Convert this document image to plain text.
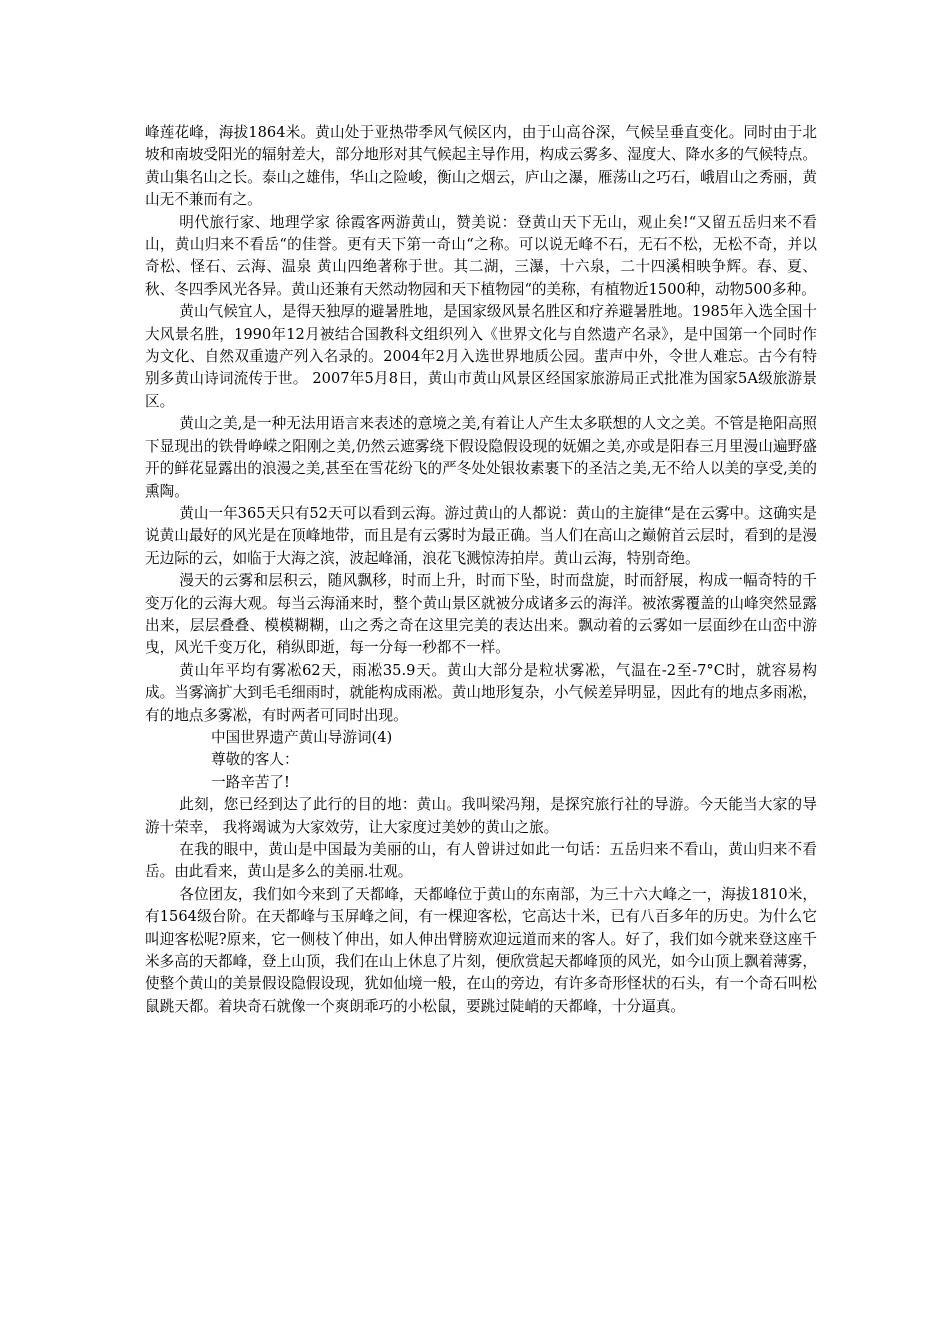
峰莲花峰，海拔1864米。黄山处于亚热带季风气候区内，由于山高谷深，气候呈垂直变化。同时由于北坡和南坡受阳光的辐射差大，部分地形对其气候起主导作用，构成云雾多、湿度大、降水多的气候特点。黄山集名山之长。泰山之雄伟，华山之险峻，衡山之烟云，庐山之瀑，雁荡山之巧石，峨眉山之秀丽，黄山无不兼而有之。

明代旅行家、地理学家 徐霞客两游黄山，赞美说：登黄山天下无山，观止矣!“又留五岳归来不看山，黄山归来不看岳“的佳誉。更有天下第一奇山“之称。可以说无峰不石，无石不松，无松不奇，并以 奇松、怪石、云海、温泉 黄山四绝著称于世。其二湖，三瀑，十六泉，二十四溪相映争辉。春、夏、秋、冬四季风光各异。黄山还兼有天然动物园和天下植物园“的美称，有植物近1500种，动物500多种。

黄山气候宜人，是得天独厚的避暑胜地，是国家级风景名胜区和疗养避暑胜地。1985年入选全国十大风景名胜，1990年12月被结合国教科文组织列入《世界文化与自然遗产名录》，是中国第一个同时作为文化、自然双重遗产列入名录的。2004年2月入选世界地质公园。蜚声中外，令世人难忘。古今有特别多黄山诗词流传于世。 2007年5月8日，黄山市黄山风景区经国家旅游局正式批准为国家5A级旅游景区。

黄山之美,是一种无法用语言来表述的意境之美,有着让人产生太多联想的人文之美。不管是艳阳高照下显现出的铁骨峥嵘之阳刚之美,仍然云遮雾绕下假设隐假设现的妩媚之美,亦或是阳春三月里漫山遍野盛开的鲜花显露出的浪漫之美,甚至在雪花纷飞的严冬处处银妆素裹下的圣洁之美,无不给人以美的享受,美的熏陶。

黄山一年365天只有52天可以看到云海。游过黄山的人都说：黄山的主旋律“是在云雾中。这确实是说黄山最好的风光是在顶峰地带，而且是有云雾时为最正确。当人们在高山之巅俯首云层时，看到的是漫无边际的云，如临于大海之滨，波起峰涌，浪花飞溅惊涛拍岸。黄山云海，特别奇绝。

漫天的云雾和层积云，随风飘移，时而上升，时而下坠，时而盘旋，时而舒展，构成一幅奇特的千变万化的云海大观。每当云海涌来时，整个黄山景区就被分成诸多云的海洋。被浓雾覆盖的山峰突然显露出来，层层叠叠、模模糊糊，山之秀之奇在这里完美的表达出来。飘动着的云雾如一层面纱在山峦中游曳，风光千变万化，稍纵即逝，每一分每一秒都不一样。

黄山年平均有雾凇62天，雨凇35.9天。黄山大部分是粒状雾凇，气温在-2至-7°C时，就容易构成。当雾滴扩大到毛毛细雨时，就能构成雨凇。黄山地形复杂，小气候差异明显，因此有的地点多雨凇，有的地点多雾凇，有时两者可同时出现。

中国世界遗产黄山导游词(4)

尊敬的客人：

一路辛苦了!

此刻，您已经到达了此行的目的地：黄山。我叫梁冯翔，是探究旅行社的导游。今天能当大家的导游十荣幸， 我将竭诚为大家效劳，让大家度过美妙的黄山之旅。

在我的眼中，黄山是中国最为美丽的山，有人曾讲过如此一句话：五岳归来不看山，黄山归来不看岳。由此看来，黄山是多么的美丽.壮观。

各位团友，我们如今来到了天都峰，天都峰位于黄山的东南部，为三十六大峰之一，海拔1810米，有1564级台阶。在天都峰与玉屏峰之间，有一棵迎客松，它高达十米，已有八百多年的历史。为什么它叫迎客松呢?原来，它一侧枝丫伸出，如人伸出臂膀欢迎远道而来的客人。好了，我们如今就来登这座千米多高的天都峰，登上山顶，我们在山上休息了片刻，便欣赏起天都峰顶的风光，如今山顶上飘着薄雾，使整个黄山的美景假设隐假设现，犹如仙境一般，在山的旁边，有许多奇形怪状的石头，有一个奇石叫松鼠跳天都。着块奇石就像一个爽朗乖巧的小松鼠，要跳过陡峭的天都峰，十分逼真。
